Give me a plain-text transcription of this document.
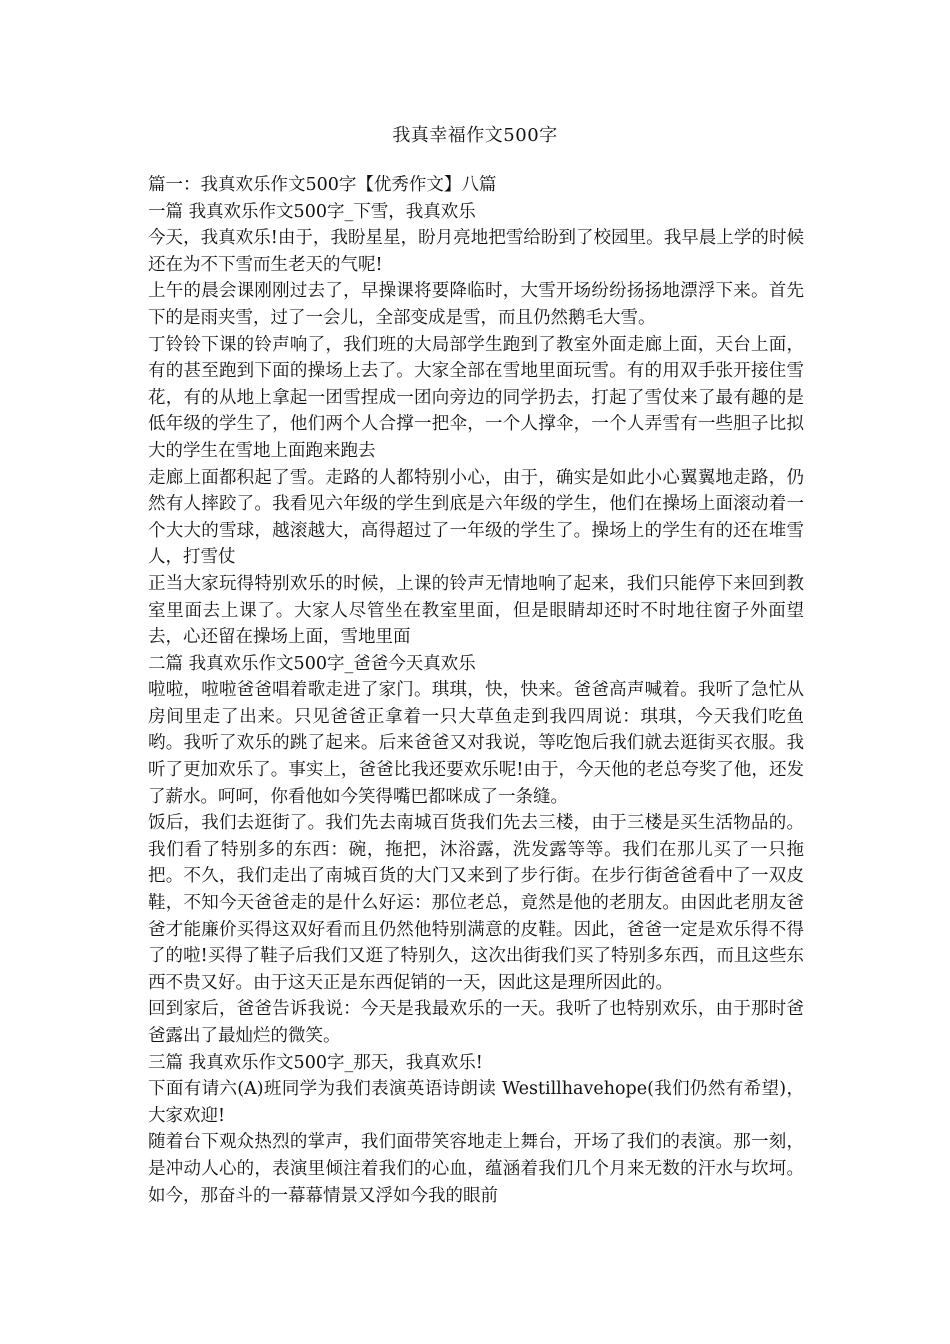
我真幸福作文500字

篇一：我真欢乐作文500字【优秀作文】八篇

一篇 我真欢乐作文500字_下雪，我真欢乐

今天，我真欢乐!由于，我盼星星，盼月亮地把雪给盼到了校园里。我早晨上学的时候还在为不下雪而生老天的气呢!

上午的晨会课刚刚过去了，早操课将要降临时，大雪开场纷纷扬扬地漂浮下来。首先下的是雨夹雪，过了一会儿，全部变成是雪，而且仍然鹅毛大雪。

丁铃铃下课的铃声响了，我们班的大局部学生跑到了教室外面走廊上面，天台上面，有的甚至跑到下面的操场上去了。大家全部在雪地里面玩雪。有的用双手张开接住雪花，有的从地上拿起一团雪捏成一团向旁边的同学扔去，打起了雪仗来了最有趣的是低年级的学生了，他们两个人合撑一把伞，一个人撑伞，一个人弄雪有一些胆子比拟大的学生在雪地上面跑来跑去

走廊上面都积起了雪。走路的人都特别小心，由于，确实是如此小心翼翼地走路，仍然有人摔跤了。我看见六年级的学生到底是六年级的学生，他们在操场上面滚动着一个大大的雪球，越滚越大，高得超过了一年级的学生了。操场上的学生有的还在堆雪人，打雪仗

正当大家玩得特别欢乐的时候，上课的铃声无情地响了起来，我们只能停下来回到教室里面去上课了。大家人尽管坐在教室里面，但是眼睛却还时不时地往窗子外面望去，心还留在操场上面，雪地里面

二篇 我真欢乐作文500字_爸爸今天真欢乐

啦啦，啦啦爸爸唱着歌走进了家门。琪琪，快，快来。爸爸高声喊着。我听了急忙从房间里走了出来。只见爸爸正拿着一只大草鱼走到我四周说：琪琪，今天我们吃鱼哟。我听了欢乐的跳了起来。后来爸爸又对我说，等吃饱后我们就去逛街买衣服。我听了更加欢乐了。事实上，爸爸比我还要欢乐呢!由于，今天他的老总夸奖了他，还发了薪水。呵呵，你看他如今笑得嘴巴都咪成了一条缝。

饭后，我们去逛街了。我们先去南城百货我们先去三楼，由于三楼是买生活物品的。我们看了特别多的东西：碗，拖把，沐浴露，洗发露等等。我们在那儿买了一只拖把。不久，我们走出了南城百货的大门又来到了步行街。在步行街爸爸看中了一双皮鞋，不知今天爸爸走的是什么好运：那位老总，竟然是他的老朋友。由因此老朋友爸爸才能廉价买得这双好看而且仍然他特别满意的皮鞋。因此，爸爸一定是欢乐得不得了的啦!买得了鞋子后我们又逛了特别久，这次出街我们买了特别多东西，而且这些东西不贵又好。由于这天正是东西促销的一天，因此这是理所因此的。

回到家后，爸爸告诉我说：今天是我最欢乐的一天。我听了也特别欢乐，由于那时爸爸露出了最灿烂的微笑。

三篇 我真欢乐作文500字_那天，我真欢乐!

下面有请六(A)班同学为我们表演英语诗朗读 Westillhavehope(我们仍然有希望)，大家欢迎!

随着台下观众热烈的掌声，我们面带笑容地走上舞台，开场了我们的表演。那一刻，是冲动人心的，表演里倾注着我们的心血，蕴涵着我们几个月来无数的汗水与坎坷。如今，那奋斗的一幕幕情景又浮如今我的眼前
